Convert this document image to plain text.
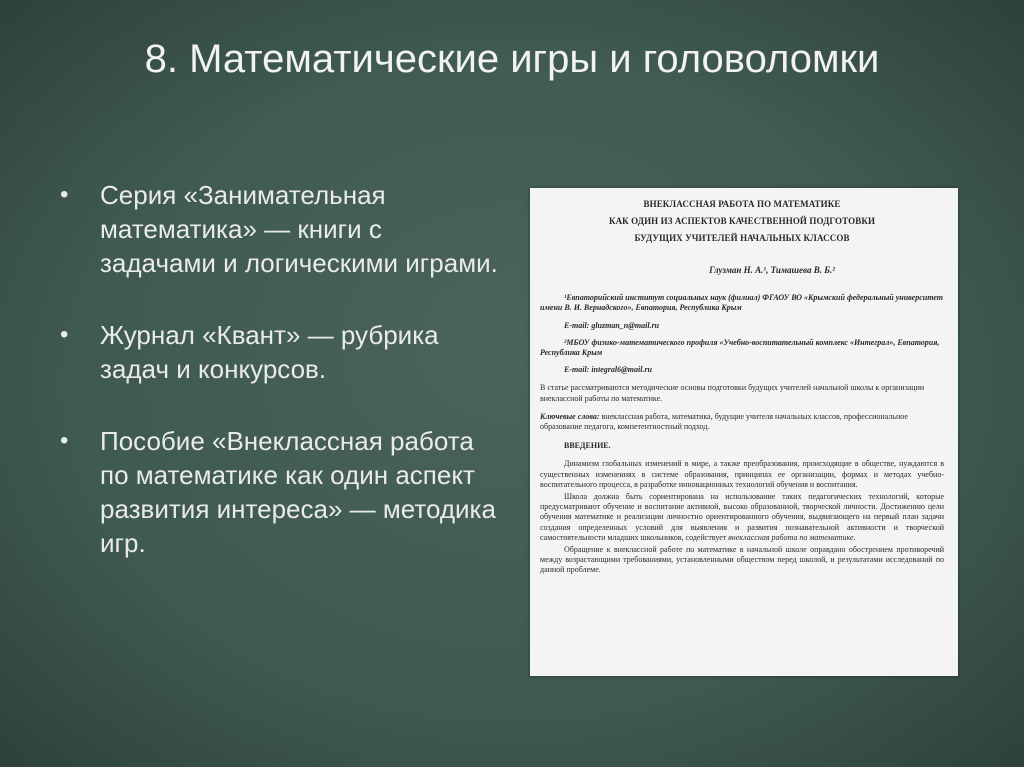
8. Математические игры и головоломки
• Серия «Занимательная математика» — книги с задачами и логическими играми.
• Журнал «Квант» — рубрика задач и конкурсов.
• Пособие «Внеклассная работа по математике как один аспект развития интереса» — методика игр.
ВНЕКЛАССНАЯ РАБОТА ПО МАТЕМАТИКЕ
КАК ОДИН ИЗ АСПЕКТОВ КАЧЕСТВЕННОЙ ПОДГОТОВКИ
БУДУЩИХ УЧИТЕЛЕЙ НАЧАЛЬНЫХ КЛАССОВ
Глузман Н. А.¹, Тимашева В. Б.²
¹Евпаторийский институт социальных наук (филиал) ФГАОУ ВО «Крымский федеральный университет имени В. И. Вернадского», Евпатория, Республика Крым
E-mail: gluzman_n@mail.ru
²МБОУ физико-математического профиля «Учебно-воспитательный комплекс «Интеграл», Евпатория, Республика Крым
E-mail: integral6@mail.ru
В статье рассматриваются методические основы подготовки будущих учителей начальной школы к организации внеклассной работы по математике.
Ключевые слова: внеклассная работа, математика, будущие учителя начальных классов, профессиональное образование педагога, компетентностный подход.
ВВЕДЕНИЕ.
Динамизм глобальных изменений в мире, а также преобразования, происходящие в обществе, нуждаются в существенных изменениях в системе образования, принципах ее организации, формах и методах учебно-воспитательного процесса, в разработке инновационных технологий обучения и воспитания.
Школа должна быть сориентирована на использование таких педагогических технологий, которые предусматривают обучение и воспитание активной, высоко образованной, творческой личности. Достижению цели обучения математике и реализации личностно ориентированного обучения, выдвигающего на первый план задачи создания определенных условий для выявления и развития познавательной активности и творческой самостоятельности младших школьников, содействует внеклассная работа по математике.
Обращение к внеклассной работе по математике в начальной школе оправдано обострением противоречий между возрастающими требованиями, установленными обществом перед школой, и результатами исследований по данной проблеме.
